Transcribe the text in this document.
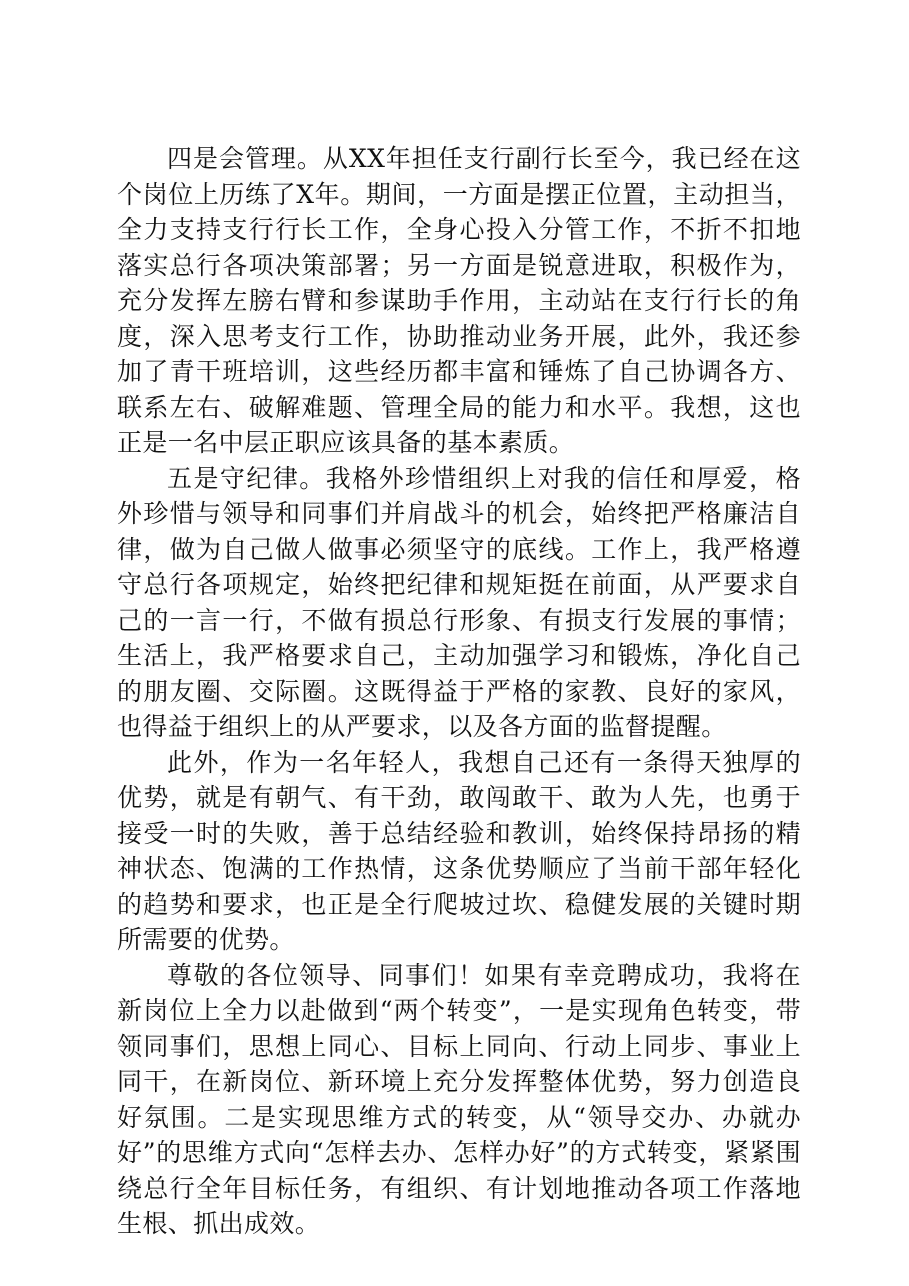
四是会管理。从XX年担任支行副行长至今，我已经在这个岗位上历练了X年。期间，一方面是摆正位置，主动担当，全力支持支行行长工作，全身心投入分管工作，不折不扣地落实总行各项决策部署；另一方面是锐意进取，积极作为，充分发挥左膀右臂和参谋助手作用，主动站在支行行长的角度，深入思考支行工作，协助推动业务开展，此外，我还参加了青干班培训，这些经历都丰富和锤炼了自己协调各方、联系左右、破解难题、管理全局的能力和水平。我想，这也正是一名中层正职应该具备的基本素质。

五是守纪律。我格外珍惜组织上对我的信任和厚爱，格外珍惜与领导和同事们并肩战斗的机会，始终把严格廉洁自律，做为自己做人做事必须坚守的底线。工作上，我严格遵守总行各项规定，始终把纪律和规矩挺在前面，从严要求自己的一言一行，不做有损总行形象、有损支行发展的事情；生活上，我严格要求自己，主动加强学习和锻炼，净化自己的朋友圈、交际圈。这既得益于严格的家教、良好的家风，也得益于组织上的从严要求，以及各方面的监督提醒。

此外，作为一名年轻人，我想自己还有一条得天独厚的优势，就是有朝气、有干劲，敢闯敢干、敢为人先，也勇于接受一时的失败，善于总结经验和教训，始终保持昂扬的精神状态、饱满的工作热情，这条优势顺应了当前干部年轻化的趋势和要求，也正是全行爬坡过坎、稳健发展的关键时期所需要的优势。

尊敬的各位领导、同事们！如果有幸竞聘成功，我将在新岗位上全力以赴做到“两个转变”，一是实现角色转变，带领同事们，思想上同心、目标上同向、行动上同步、事业上同干，在新岗位、新环境上充分发挥整体优势，努力创造良好氛围。二是实现思维方式的转变，从“领导交办、办就办好”的思维方式向“怎样去办、怎样办好”的方式转变，紧紧围绕总行全年目标任务，有组织、有计划地推动各项工作落地生根、抓出成效。
